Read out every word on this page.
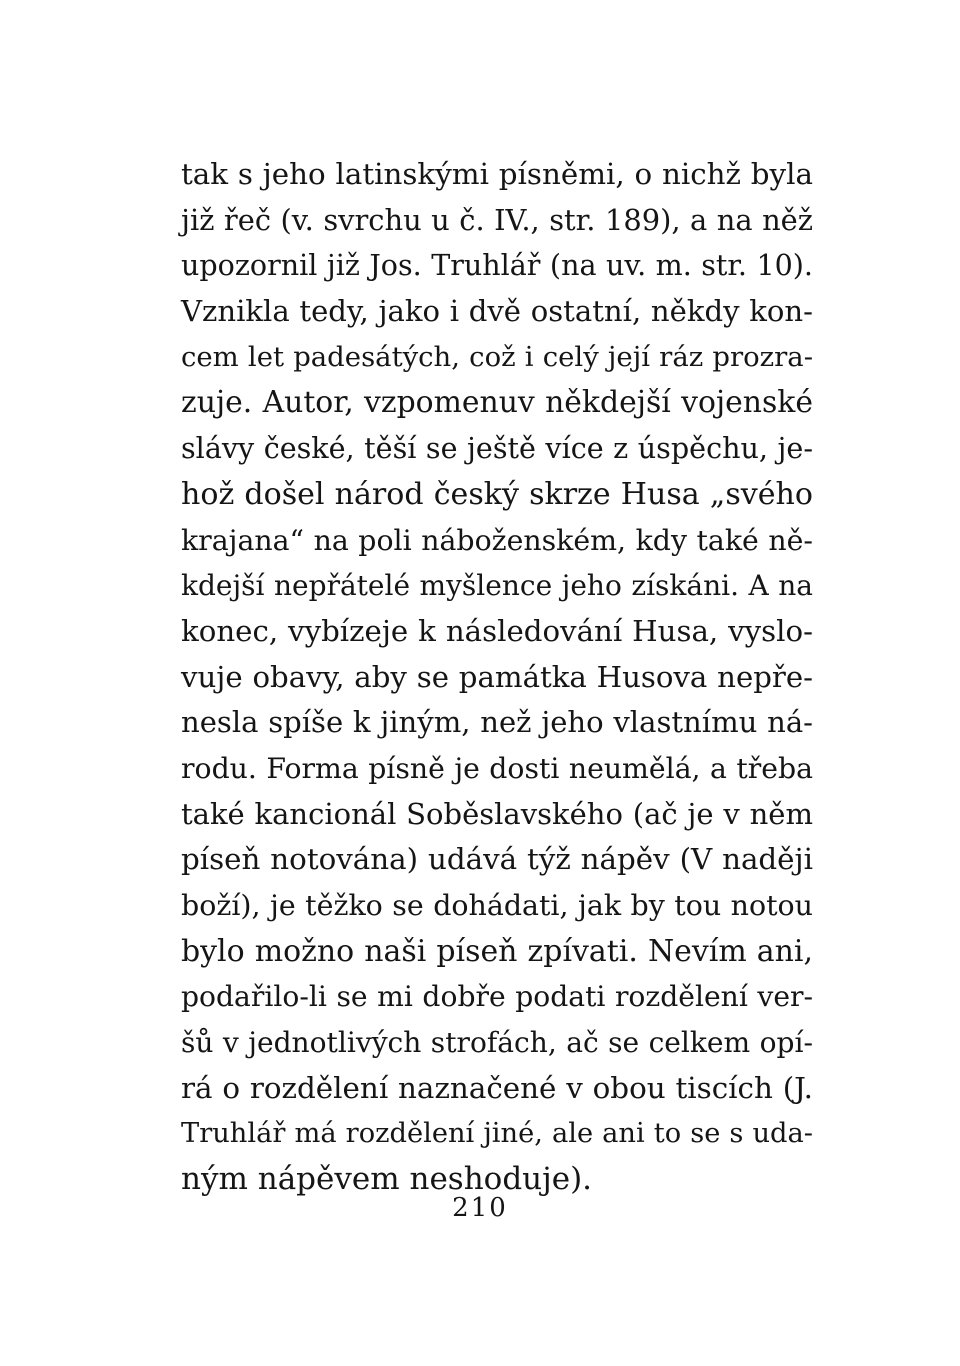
tak s jeho latinskými písněmi, o nichž byla
již řeč (v. svrchu u č. IV., str. 189), a na něž
upozornil již Jos. Truhlář (na uv. m. str. 10).
Vznikla tedy, jako i dvě ostatní, někdy kon-
cem let padesátých, což i celý její ráz prozra-
zuje. Autor, vzpomenuv někdejší vojenské
slávy české, těší se ještě více z úspěchu, je-
hož došel národ český skrze Husa „svého
krajana“ na poli náboženském, kdy také ně-
kdejší nepřátelé myšlence jeho získáni. A na
konec, vybízeje k následování Husa, vyslo-
vuje obavy, aby se památka Husova nepře-
nesla spíše k jiným, než jeho vlastnímu ná-
rodu. Forma písně je dosti neumělá, a třeba
také kancionál Soběslavského (ač je v něm
píseň notována) udává týž nápěv (V naději
boží), je těžko se dohádati, jak by tou notou
bylo možno naši píseň zpívati. Nevím ani,
podařilo-li se mi dobře podati rozdělení ver-
šů v jednotlivých strofách, ač se celkem opí-
rá o rozdělení naznačené v obou tiscích (J.
Truhlář má rozdělení jiné, ale ani to se s uda-
ným nápěvem neshoduje).
210
